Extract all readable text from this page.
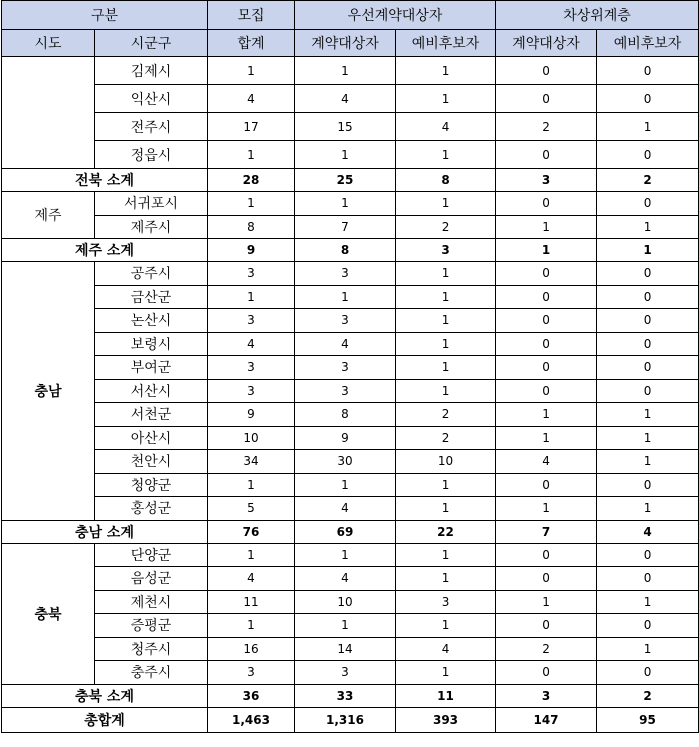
구분		모집	우선계약대상자		차상위계층	
시도	시군구	합계	계약대상자	예비후보자	계약대상자	예비후보자
	김제시	1	1	1	0	0
	익산시	4	4	1	0	0
	전주시	17	15	4	2	1
	정읍시	1	1	1	0	0
전북 소계		28	25	8	3	2
제주	서귀포시	1	1	1	0	0
	제주시	8	7	2	1	1
제주 소계		9	8	3	1	1
충남	공주시	3	3	1	0	0
	금산군	1	1	1	0	0
	논산시	3	3	1	0	0
	보령시	4	4	1	0	0
	부여군	3	3	1	0	0
	서산시	3	3	1	0	0
	서천군	9	8	2	1	1
	아산시	10	9	2	1	1
	천안시	34	30	10	4	1
	청양군	1	1	1	0	0
	홍성군	5	4	1	1	1
충남 소계		76	69	22	7	4
충북	단양군	1	1	1	0	0
	음성군	4	4	1	0	0
	제천시	11	10	3	1	1
	증평군	1	1	1	0	0
	청주시	16	14	4	2	1
	충주시	3	3	1	0	0
충북 소계		36	33	11	3	2
총합계		1,463	1,316	393	147	95
